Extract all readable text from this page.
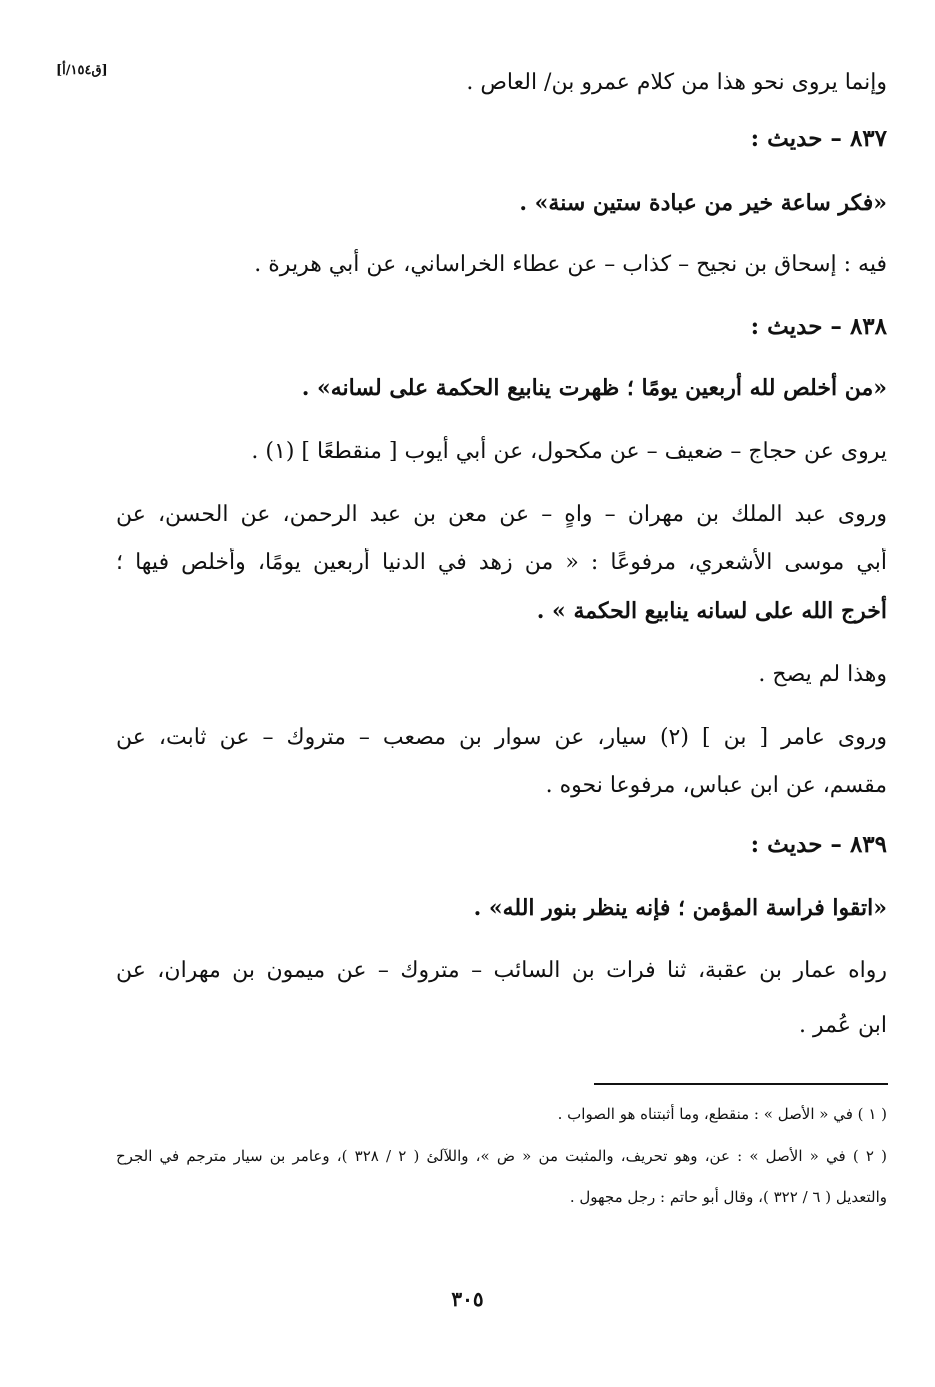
[ق١٥٤/أ]	وإنما يروى نحو هذا من كلام عمرو بن/ العاص .
٨٣٧ – حديث :
«فكر ساعة خير من عبادة ستين سنة» .
فيه : إسحاق بن نجيح – كذاب – عن عطاء الخراساني، عن أبي هريرة .
٨٣٨ – حديث :
«من أخلص لله أربعين يومًا ؛ ظهرت ينابيع الحكمة على لسانه» .
يروى عن حجاج – ضعيف – عن مكحول، عن أبي أيوب [ منقطعًا ] (١) .
وروى عبد الملك بن مهران – واهٍ – عن معن بن عبد الرحمن، عن الحسن، عن
أبي موسى الأشعري، مرفوعًا : « من زهد في الدنيا أربعين يومًا، وأخلص فيها ؛
أخرج الله على لسانه ينابيع الحكمة » .
وهذا لم يصح .
وروى عامر [ بن ] (٢) سيار، عن سوار بن مصعب – متروك – عن ثابت، عن
مقسم، عن ابن عباس، مرفوعا نحوه .
٨٣٩ – حديث :
«اتقوا فراسة المؤمن ؛ فإنه ينظر بنور الله» .
رواه عمار بن عقبة، ثنا فرات بن السائب – متروك – عن ميمون بن مهران، عن
ابن عُمر .
( ١ ) في « الأصل » : منقطع، وما أثبتناه هو الصواب .
( ٢ ) في « الأصل » : عن، وهو تحريف، والمثبت من « ض »، واللآلئ ( ٢ / ٣٢٨ )، وعامر بن سيار مترجم في الجرح
والتعديل ( ٦ / ٣٢٢ )، وقال أبو حاتم : رجل مجهول .
٣٠٥
